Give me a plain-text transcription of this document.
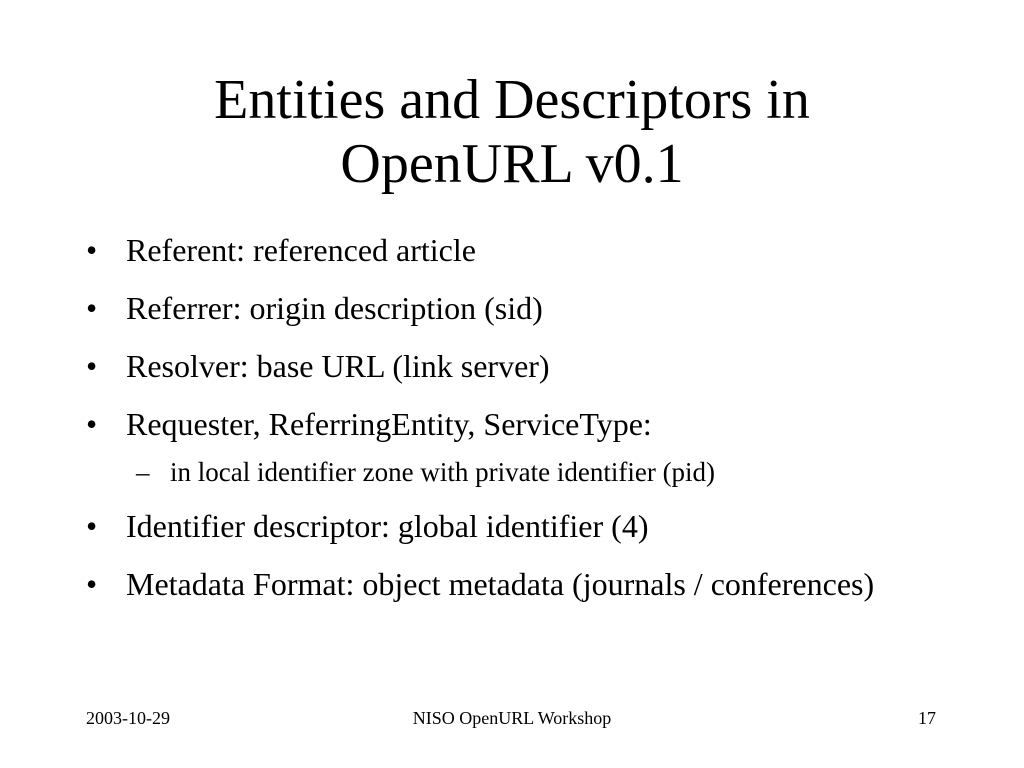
Entities and Descriptors in
OpenURL v0.1
• Referent: referenced article
• Referrer: origin description (sid)
• Resolver: base URL (link server)
• Requester, ReferringEntity, ServiceType:
– in local identifier zone with private identifier (pid)
• Identifier descriptor: global identifier (4)
• Metadata Format: object metadata (journals / conferences)
2003-10-29	NISO OpenURL Workshop	17
